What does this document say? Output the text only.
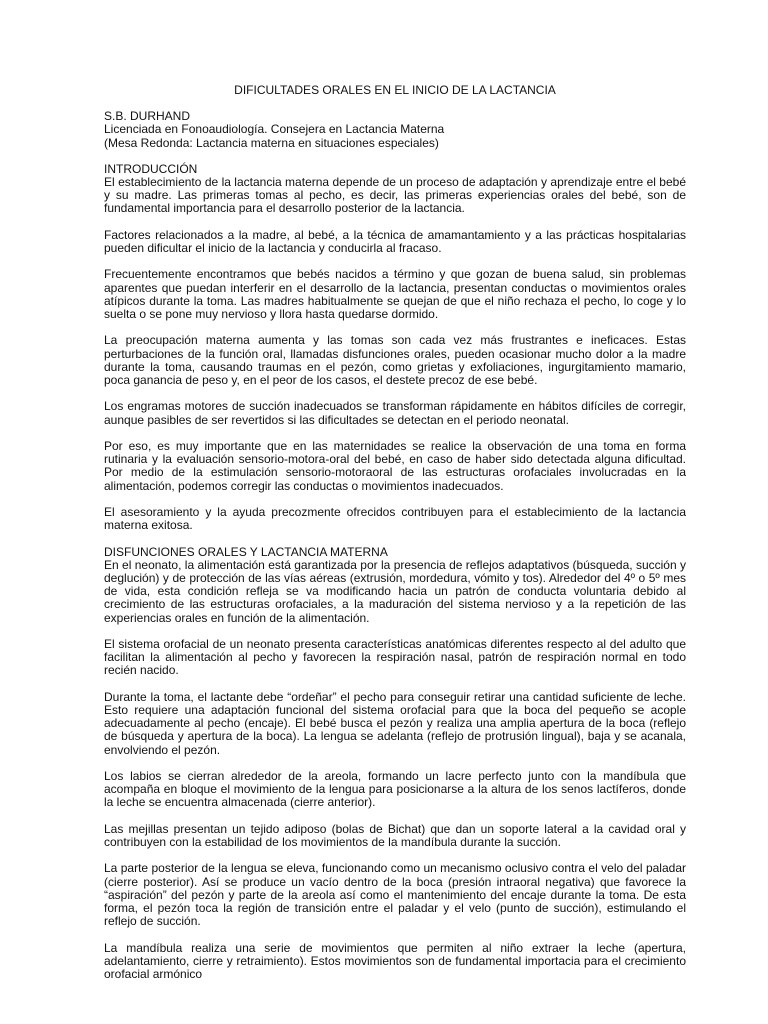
DIFICULTADES ORALES EN EL INICIO DE LA LACTANCIA
S.B. DURHAND
Licenciada en Fonoaudiología. Consejera en Lactancia Materna
(Mesa Redonda: Lactancia materna en situaciones especiales)
INTRODUCCIÓN
El establecimiento de la lactancia materna depende de un proceso de adaptación y aprendizaje entre el bebé y su madre. Las primeras tomas al pecho, es decir, las primeras experiencias orales del bebé, son de fundamental importancia para el desarrollo posterior de la lactancia.
Factores relacionados a la madre, al bebé, a la técnica de amamantamiento y a las prácticas hospitalarias pueden dificultar el inicio de la lactancia y conducirla al fracaso.
Frecuentemente encontramos que bebés nacidos a término y que gozan de buena salud, sin problemas aparentes que puedan interferir en el desarrollo de la lactancia, presentan conductas o movimientos orales atípicos durante la toma. Las madres habitualmente se quejan de que el niño rechaza el pecho, lo coge y lo suelta o se pone muy nervioso y llora hasta quedarse dormido.
La preocupación materna aumenta y las tomas son cada vez más frustrantes e ineficaces. Estas perturbaciones de la función oral, llamadas disfunciones orales, pueden ocasionar mucho dolor a la madre durante la toma, causando traumas en el pezón, como grietas y exfoliaciones, ingurgitamiento mamario, poca ganancia de peso y, en el peor de los casos, el destete precoz de ese bebé.
Los engramas motores de succión inadecuados se transforman rápidamente en hábitos difíciles de corregir, aunque pasibles de ser revertidos si las dificultades se detectan en el periodo neonatal.
Por eso, es muy importante que en las maternidades se realice la observación de una toma en forma rutinaria y la evaluación sensorio-motora-oral del bebé, en caso de haber sido detectada alguna dificultad. Por medio de la estimulación sensorio-motoraoral de las estructuras orofaciales involucradas en la alimentación, podemos corregir las conductas o movimientos inadecuados.
El asesoramiento y la ayuda precozmente ofrecidos contribuyen para el establecimiento de la lactancia materna exitosa.
DISFUNCIONES ORALES Y LACTANCIA MATERNA
En el neonato, la alimentación está garantizada por la presencia de reflejos adaptativos (búsqueda, succión y deglución) y de protección de las vías aéreas (extrusión, mordedura, vómito y tos). Alrededor del 4º o 5º mes de vida, esta condición refleja se va modificando hacia un patrón de conducta voluntaria debido al crecimiento de las estructuras orofaciales, a la maduración del sistema nervioso y a la repetición de las experiencias orales en función de la alimentación.
El sistema orofacial de un neonato presenta características anatómicas diferentes respecto al del adulto que facilitan la alimentación al pecho y favorecen la respiración nasal, patrón de respiración normal en todo recién nacido.
Durante la toma, el lactante debe “ordeñar” el pecho para conseguir retirar una cantidad suficiente de leche. Esto requiere una adaptación funcional del sistema orofacial para que la boca del pequeño se acople adecuadamente al pecho (encaje). El bebé busca el pezón y realiza una amplia apertura de la boca (reflejo de búsqueda y apertura de la boca). La lengua se adelanta (reflejo de protrusión lingual), baja y se acanala, envolviendo el pezón.
Los labios se cierran alrededor de la areola, formando un lacre perfecto junto con la mandíbula que acompaña en bloque el movimiento de la lengua para posicionarse a la altura de los senos lactíferos, donde la leche se encuentra almacenada (cierre anterior).
Las mejillas presentan un tejido adiposo (bolas de Bichat) que dan un soporte lateral a la cavidad oral y contribuyen con la estabilidad de los movimientos de la mandíbula durante la succión.
La parte posterior de la lengua se eleva, funcionando como un mecanismo oclusivo contra el velo del paladar (cierre posterior). Así se produce un vacío dentro de la boca (presión intraoral negativa) que favorece la “aspiración” del pezón y parte de la areola así como el mantenimiento del encaje durante la toma. De esta forma, el pezón toca la región de transición entre el paladar y el velo (punto de succión), estimulando el reflejo de succión.
La mandíbula realiza una serie de movimientos que permiten al niño extraer la leche (apertura, adelantamiento, cierre y retraimiento). Estos movimientos son de fundamental importacia para el crecimiento orofacial armónico
